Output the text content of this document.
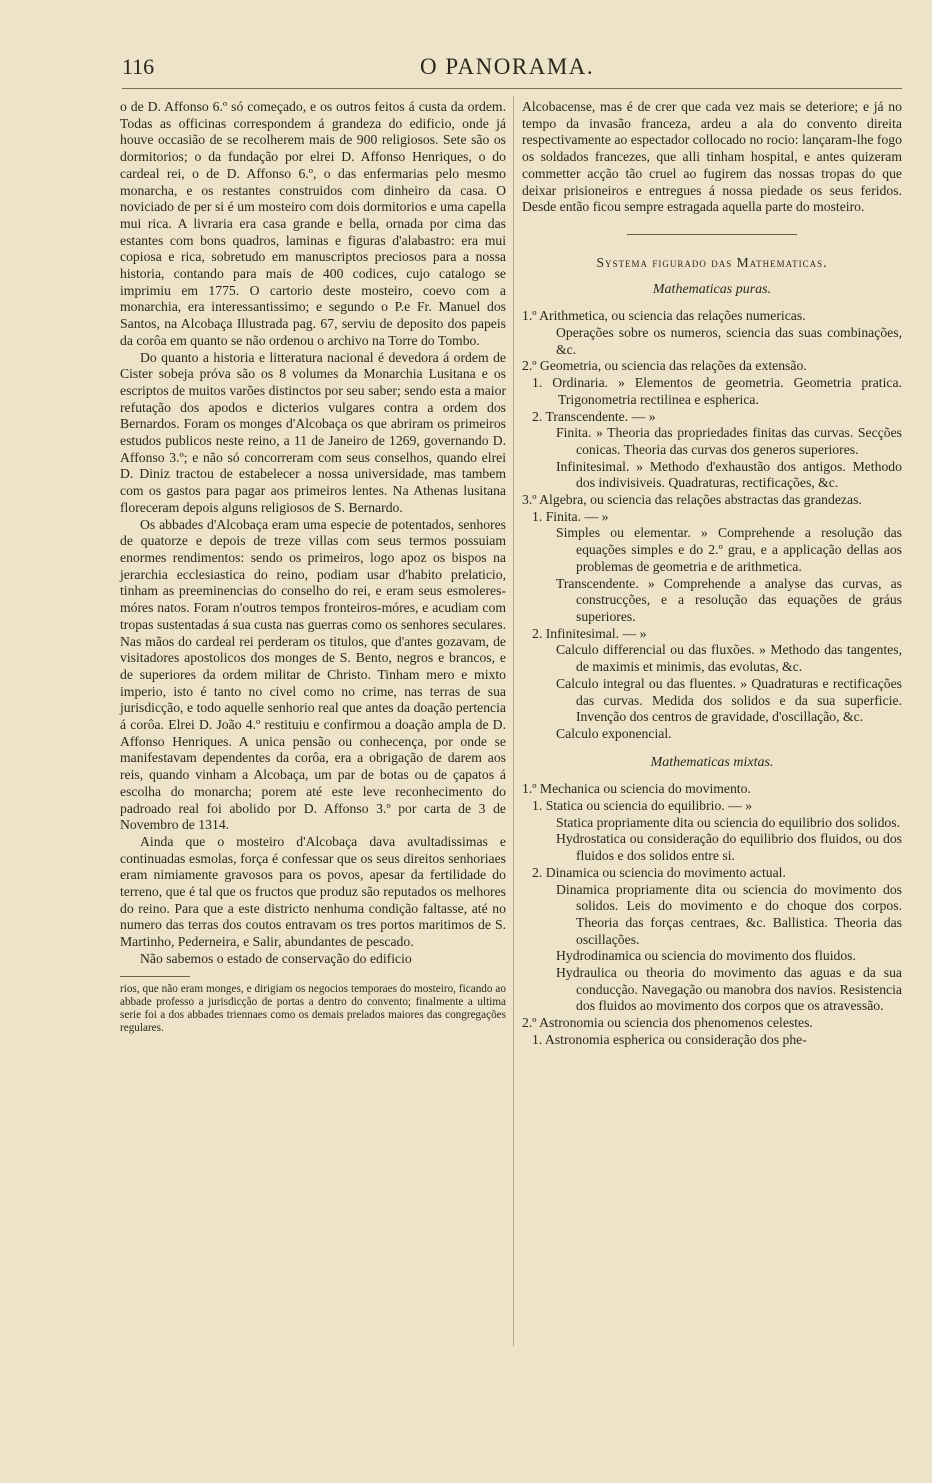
116	O PANORAMA.

o de D. Affonso 6.º só começado, e os outros feitos á custa da ordem. Todas as officinas correspondem á grandeza do edificio, onde já houve occasião de se recolherem mais de 900 religiosos. Sete são os dormitorios; o da fundação por elrei D. Affonso Henriques, o do cardeal rei, o de D. Affonso 6.º, o das enfermarias pelo mesmo monarcha, e os restantes construidos com dinheiro da casa. O noviciado de per si é um mosteiro com dois dormitorios e uma capella mui rica. A livraria era casa grande e bella, ornada por cima das estantes com bons quadros, laminas e figuras d'alabastro: era mui copiosa e rica, sobretudo em manuscriptos preciosos para a nossa historia, contando para mais de 400 codices, cujo catalogo se imprimiu em 1775. O cartorio deste mosteiro, coevo com a monarchia, era interessantissimo; e segundo o P.e Fr. Manuel dos Santos, na Alcobaça Illustrada pag. 67, serviu de deposito dos papeis da corôa em quanto se não ordenou o archivo na Torre do Tombo.

Do quanto a historia e litteratura nacional é devedora á ordem de Cister sobeja próva são os 8 volumes da Monarchia Lusitana e os escriptos de muitos varões distinctos por seu saber; sendo esta a maior refutação dos apodos e dicterios vulgares contra a ordem dos Bernardos. Foram os monges d'Alcobaça os que abriram os primeiros estudos publicos neste reino, a 11 de Janeiro de 1269, governando D. Affonso 3.º; e não só concorreram com seus conselhos, quando elrei D. Diniz tractou de estabelecer a nossa universidade, mas tambem com os gastos para pagar aos primeiros lentes. Na Athenas lusitana floreceram depois alguns religiosos de S. Bernardo.

Os abbades d'Alcobaça eram uma especie de potentados, senhores de quatorze e depois de treze villas com seus termos possuiam enormes rendimentos: sendo os primeiros, logo apoz os bispos na jerarchia ecclesiastica do reino, podiam usar d'habito prelaticio, tinham as preeminencias do conselho do rei, e eram seus esmoleres-móres natos. Foram n'outros tempos fronteiros-móres, e acudiam com tropas sustentadas á sua custa nas guerras como os senhores seculares. Nas mãos do cardeal rei perderam os titulos, que d'antes gozavam, de visitadores apostolicos dos monges de S. Bento, negros e brancos, e de superiores da ordem militar de Christo. Tinham mero e mixto imperio, isto é tanto no civel como no crime, nas terras de sua jurisdicção, e todo aquelle senhorio real que antes da doação pertencia á corôa. Elrei D. João 4.º restituiu e confirmou a doação ampla de D. Affonso Henriques. A unica pensão ou conhecença, por onde se manifestavam dependentes da corôa, era a obrigação de darem aos reis, quando vinham a Alcobaça, um par de botas ou de çapatos á escolha do monarcha; porem até este leve reconhecimento do padroado real foi abolido por D. Affonso 3.º por carta de 3 de Novembro de 1314.

Ainda que o mosteiro d'Alcobaça dava avultadissimas e continuadas esmolas, força é confessar que os seus direitos senhoriaes eram nimiamente gravosos para os povos, apesar da fertilidade do terreno, que é tal que os fructos que produz são reputados os melhores do reino. Para que a este districto nenhuma condição faltasse, até no numero das terras dos coutos entravam os tres portos maritimos de S. Martinho, Pederneira, e Salir, abundantes de pescado.

Não sabemos o estado de conservação do edificio

rios, que não eram monges, e dirigiam os negocios temporaes do mosteiro, ficando ao abbade professo a jurisdicção de portas a dentro do convento; finalmente a ultima serie foi a dos abbades triennaes como os demais prelados maiores das congregações regulares.

Alcobacense, mas é de crer que cada vez mais se deteriore; e já no tempo da invasão franceza, ardeu a ala do convento direita respectivamente ao espectador collocado no rocio: lançaram-lhe fogo os soldados francezes, que alli tinham hospital, e antes quizeram commetter acção tão cruel ao fugirem das nossas tropas do que deixar prisioneiros e entregues á nossa piedade os seus feridos. Desde então ficou sempre estragada aquella parte do mosteiro.

Systema figurado das Mathematicas.

Mathematicas puras.

1.º Arithmetica, ou sciencia das relações numericas.

Operações sobre os numeros, sciencia das suas combinações, &c.

2.º Geometria, ou sciencia das relações da extensão.

1. Ordinaria. » Elementos de geometria. Geometria pratica. Trigonometria rectilinea e espherica.

2. Transcendente. — »

Finita. » Theoria das propriedades finitas das curvas. Secções conicas. Theoria das curvas dos generos superiores.

Infinitesimal. » Methodo d'exhaustão dos antigos. Methodo dos indivisiveis. Quadraturas, rectificações, &c.

3.º Algebra, ou sciencia das relações abstractas das grandezas.

1. Finita. — »

Simples ou elementar. » Comprehende a resolução das equações simples e do 2.º grau, e a applicação dellas aos problemas de geometria e de arithmetica.

Transcendente. » Comprehende a analyse das curvas, as construcções, e a resolução das equações de gráus superiores.

2. Infinitesimal. — »

Calculo differencial ou das fluxões. » Methodo das tangentes, de maximis et minimis, das evolutas, &c.

Calculo integral ou das fluentes. » Quadraturas e rectificações das curvas. Medida dos solidos e da sua superficie. Invenção dos centros de gravidade, d'oscillação, &c.

Calculo exponencial.

Mathematicas mixtas.

1.º Mechanica ou sciencia do movimento.

1. Statica ou sciencia do equilibrio. — »

Statica propriamente dita ou sciencia do equilibrio dos solidos.

Hydrostatica ou consideração do equilibrio dos fluidos, ou dos fluidos e dos solidos entre si.

2. Dinamica ou sciencia do movimento actual.

Dinamica propriamente dita ou sciencia do movimento dos solidos. Leis do movimento e do choque dos corpos. Theoria das forças centraes, &c. Ballistica. Theoria das oscillações.

Hydrodinamica ou sciencia do movimento dos fluidos.

Hydraulica ou theoria do movimento das aguas e da sua conducção. Navegação ou manobra dos navios. Resistencia dos fluidos ao movimento dos corpos que os atravessão.

2.º Astronomia ou sciencia dos phenomenos celestes.

1. Astronomia espherica ou consideração dos phe-
